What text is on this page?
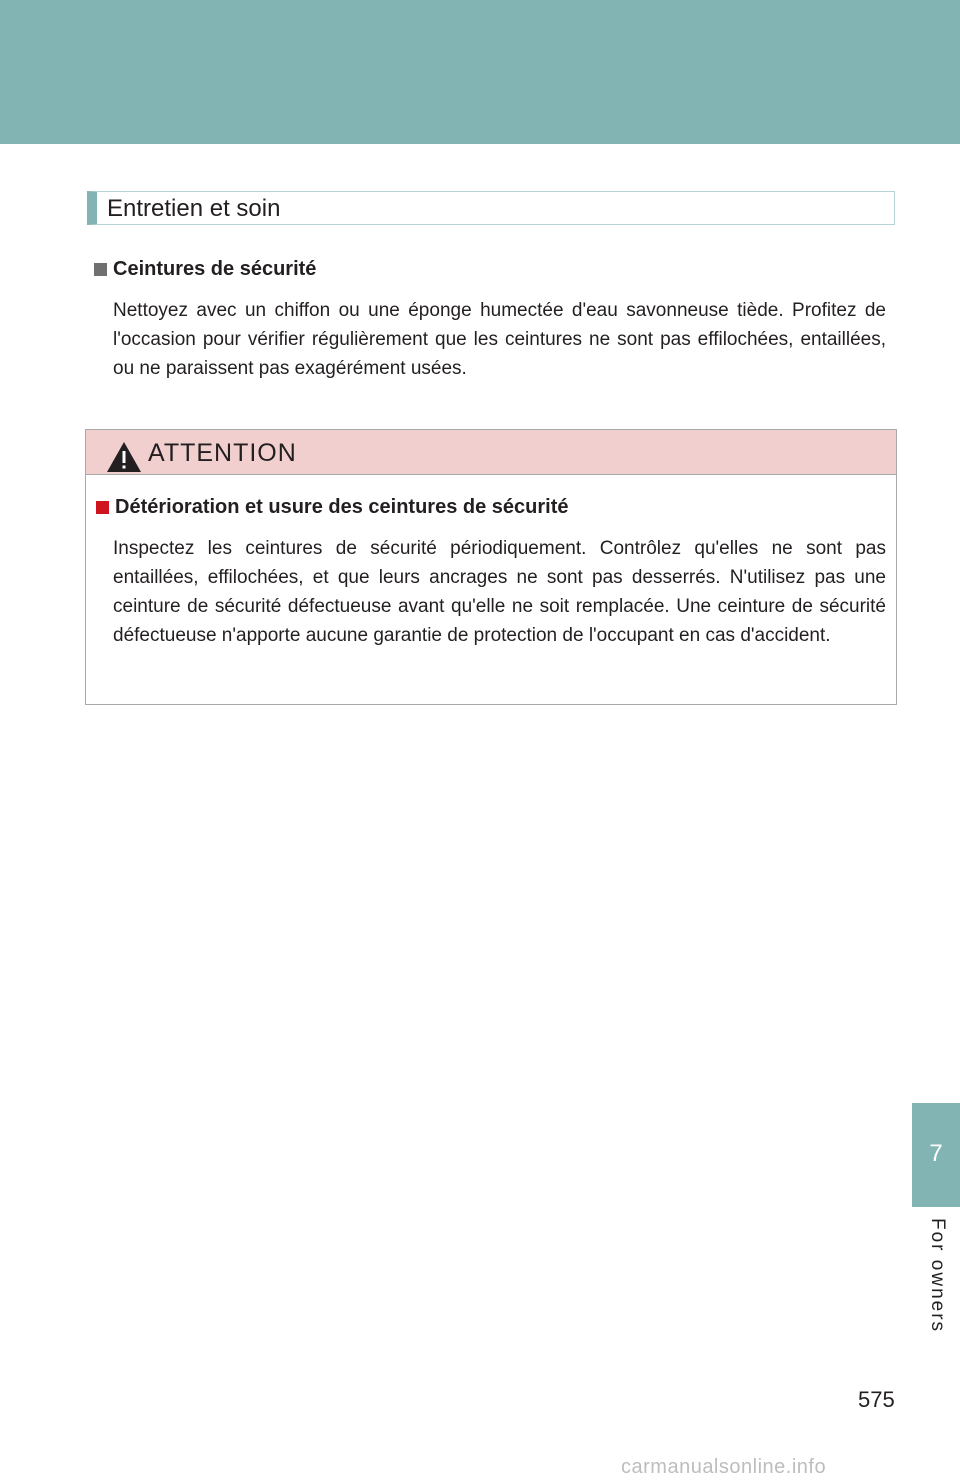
Entretien et soin
Ceintures de sécurité

Nettoyez avec un chiffon ou une éponge humectée d'eau savonneuse tiède. Profitez de l'occasion pour vérifier régulièrement que les ceintures ne sont pas effilochées, entaillées, ou ne paraissent pas exagérément usées.

ATTENTION
Détérioration et usure des ceintures de sécurité

Inspectez les ceintures de sécurité périodiquement. Contrôlez qu'elles ne sont pas entaillées, effilochées, et que leurs ancrages ne sont pas desserrés. N'utilisez pas une ceinture de sécurité défectueuse avant qu'elle ne soit remplacée. Une ceinture de sécurité défectueuse n'apporte aucune garantie de protection de l'occupant en cas d'accident.

7
For owners
575
carmanualsonline.info
